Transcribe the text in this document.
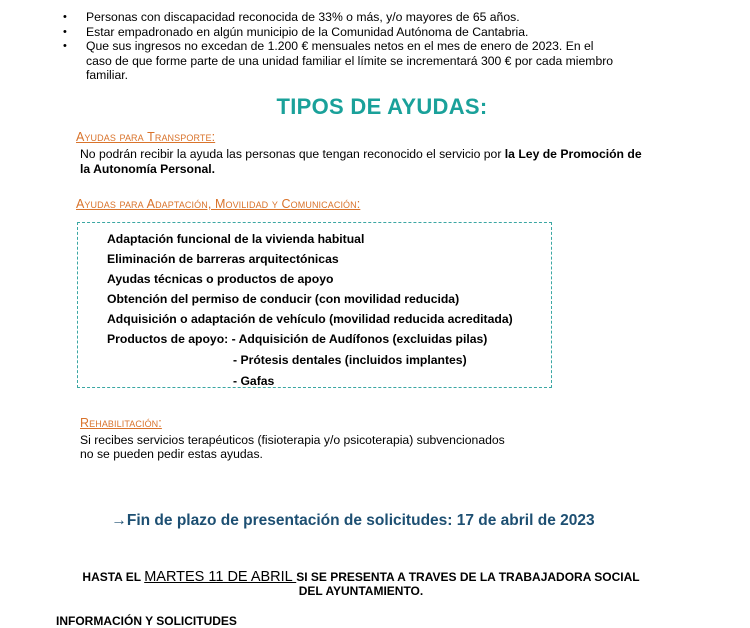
• Personas con discapacidad reconocida de 33% o más, y/o mayores de 65 años.
• Estar empadronado en algún municipio de la Comunidad Autónoma de Cantabria.
• Que sus ingresos no excedan de 1.200 € mensuales netos en el mes de enero de 2023. En el caso de que forme parte de una unidad familiar el límite se incrementará 300 € por cada miembro familiar.
TIPOS DE AYUDAS:
Ayudas para Transporte:
No podrán recibir la ayuda las personas que tengan reconocido el servicio por la Ley de Promoción de la Autonomía Personal.
Ayudas para Adaptación, Movilidad y Comunicación:
Adaptación funcional de la vivienda habitual
Eliminación de barreras arquitectónicas
Ayudas técnicas o productos de apoyo
Obtención del permiso de conducir (con movilidad reducida)
Adquisición o adaptación de vehículo (movilidad reducida acreditada)
Productos de apoyo: - Adquisición de Audífonos (excluidas pilas)
- Prótesis dentales (incluidos implantes)
- Gafas
Rehabilitación:
Si recibes servicios terapéuticos (fisioterapia y/o psicoterapia) subvencionados
no se pueden pedir estas ayudas.
→Fin de plazo de presentación de solicitudes: 17 de abril de 2023
HASTA EL MARTES 11 DE ABRIL SI SE PRESENTA A TRAVES DE LA TRABAJADORA SOCIAL
DEL AYUNTAMIENTO.
INFORMACIÓN Y SOLICITUDES
